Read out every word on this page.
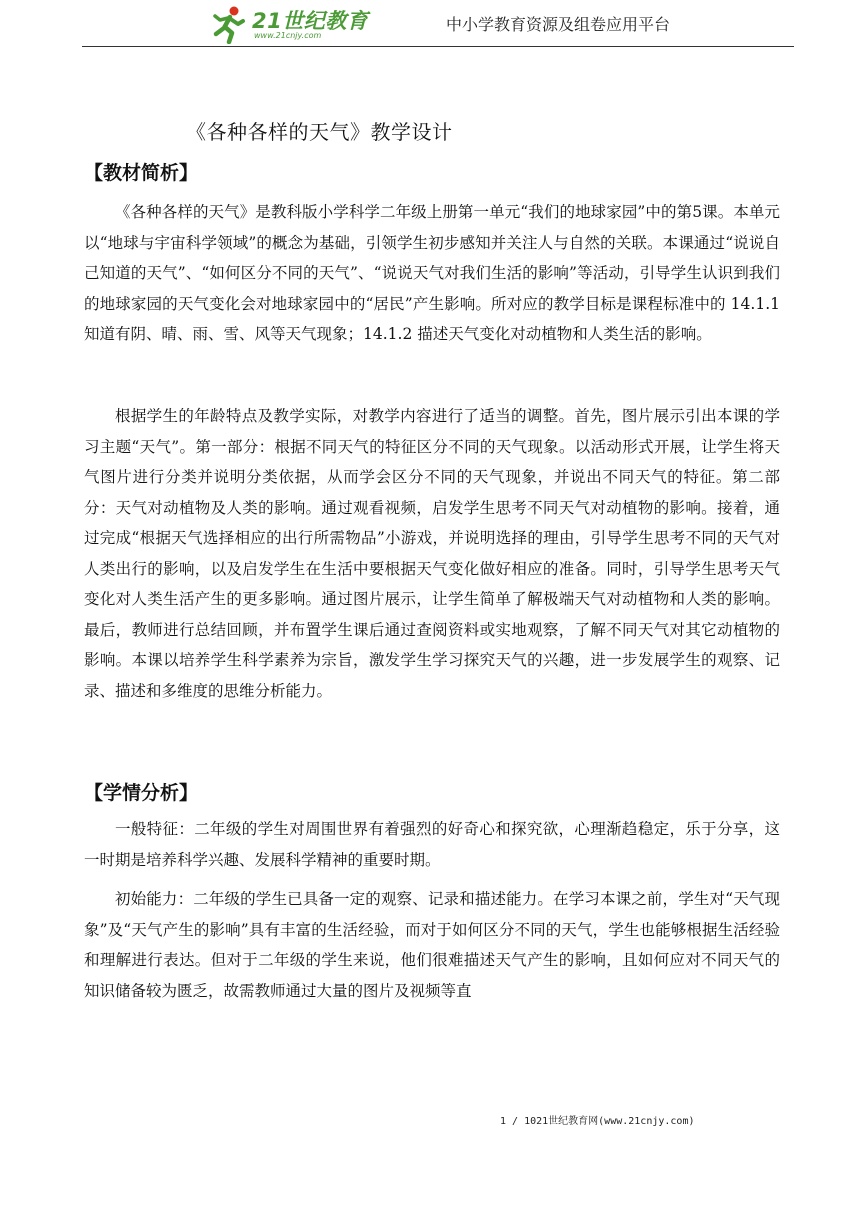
21世纪教育
www.21cnjy.com
中小学教育资源及组卷应用平台
《各种各样的天气》教学设计
【教材简析】

《各种各样的天气》是教科版小学科学二年级上册第一单元“我们的地球家园”中的第5课。本单元以“地球与宇宙科学领域”的概念为基础，引领学生初步感知并关注人与自然的关联。本课通过“说说自己知道的天气”、“如何区分不同的天气”、“说说天气对我们生活的影响”等活动，引导学生认识到我们的地球家园的天气变化会对地球家园中的“居民”产生影响。所对应的教学目标是课程标准中的 14.1.1 知道有阴、晴、雨、雪、风等天气现象；14.1.2 描述天气变化对动植物和人类生活的影响。

根据学生的年龄特点及教学实际，对教学内容进行了适当的调整。首先，图片展示引出本课的学习主题“天气”。第一部分：根据不同天气的特征区分不同的天气现象。以活动形式开展，让学生将天气图片进行分类并说明分类依据，从而学会区分不同的天气现象，并说出不同天气的特征。第二部分：天气对动植物及人类的影响。通过观看视频，启发学生思考不同天气对动植物的影响。接着，通过完成“根据天气选择相应的出行所需物品”小游戏，并说明选择的理由，引导学生思考不同的天气对人类出行的影响，以及启发学生在生活中要根据天气变化做好相应的准备。同时，引导学生思考天气变化对人类生活产生的更多影响。通过图片展示，让学生简单了解极端天气对动植物和人类的影响。最后，教师进行总结回顾，并布置学生课后通过查阅资料或实地观察，了解不同天气对其它动植物的影响。本课以培养学生科学素养为宗旨，激发学生学习探究天气的兴趣，进一步发展学生的观察、记录、描述和多维度的思维分析能力。

【学情分析】

一般特征：二年级的学生对周围世界有着强烈的好奇心和探究欲，心理渐趋稳定，乐于分享，这一时期是培养科学兴趣、发展科学精神的重要时期。

初始能力：二年级的学生已具备一定的观察、记录和描述能力。在学习本课之前，学生对“天气现象”及“天气产生的影响”具有丰富的生活经验，而对于如何区分不同的天气，学生也能够根据生活经验和理解进行表达。但对于二年级的学生来说，他们很难描述天气产生的影响，且如何应对不同天气的知识储备较为匮乏，故需教师通过大量的图片及视频等直

1 / 1021世纪教育网(www.21cnjy.com)
